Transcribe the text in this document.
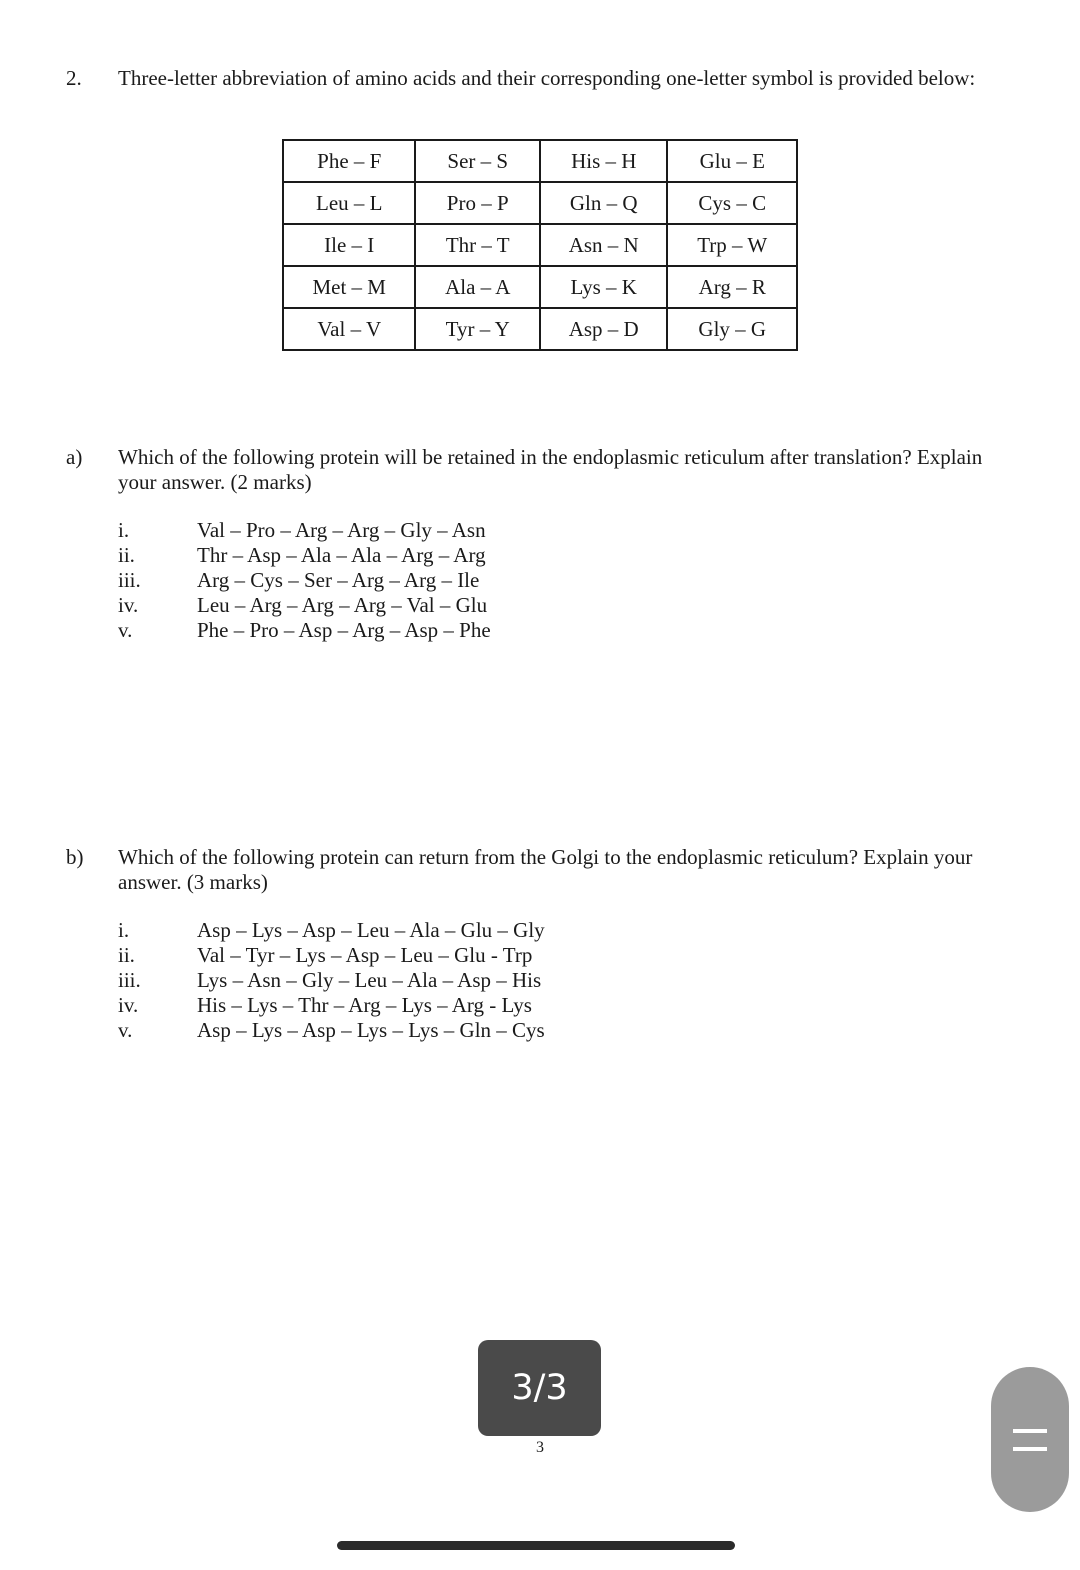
2. Three-letter abbreviation of amino acids and their corresponding one-letter symbol is provided below:
Phe – F	Ser – S	His – H	Glu – E
Leu – L	Pro – P	Gln – Q	Cys – C
Ile – I	Thr – T	Asn – N	Trp – W
Met – M	Ala – A	Lys – K	Arg – R
Val – V	Tyr – Y	Asp – D	Gly – G
a) Which of the following protein will be retained in the endoplasmic reticulum after translation? Explain
your answer. (2 marks)
i.	Val – Pro – Arg – Arg – Gly – Asn
ii.	Thr – Asp – Ala – Ala – Arg – Arg
iii.	Arg – Cys – Ser – Arg – Arg – Ile
iv.	Leu – Arg – Arg – Arg – Val – Glu
v.	Phe – Pro – Asp – Arg – Asp – Phe
b) Which of the following protein can return from the Golgi to the endoplasmic reticulum? Explain your
answer. (3 marks)
i.	Asp – Lys – Asp – Leu – Ala – Glu – Gly
ii.	Val – Tyr – Lys – Asp – Leu – Glu - Trp
iii.	Lys – Asn – Gly – Leu – Ala – Asp – His
iv.	His – Lys – Thr – Arg – Lys – Arg - Lys
v.	Asp – Lys – Asp – Lys – Lys – Gln – Cys
3/3
3
